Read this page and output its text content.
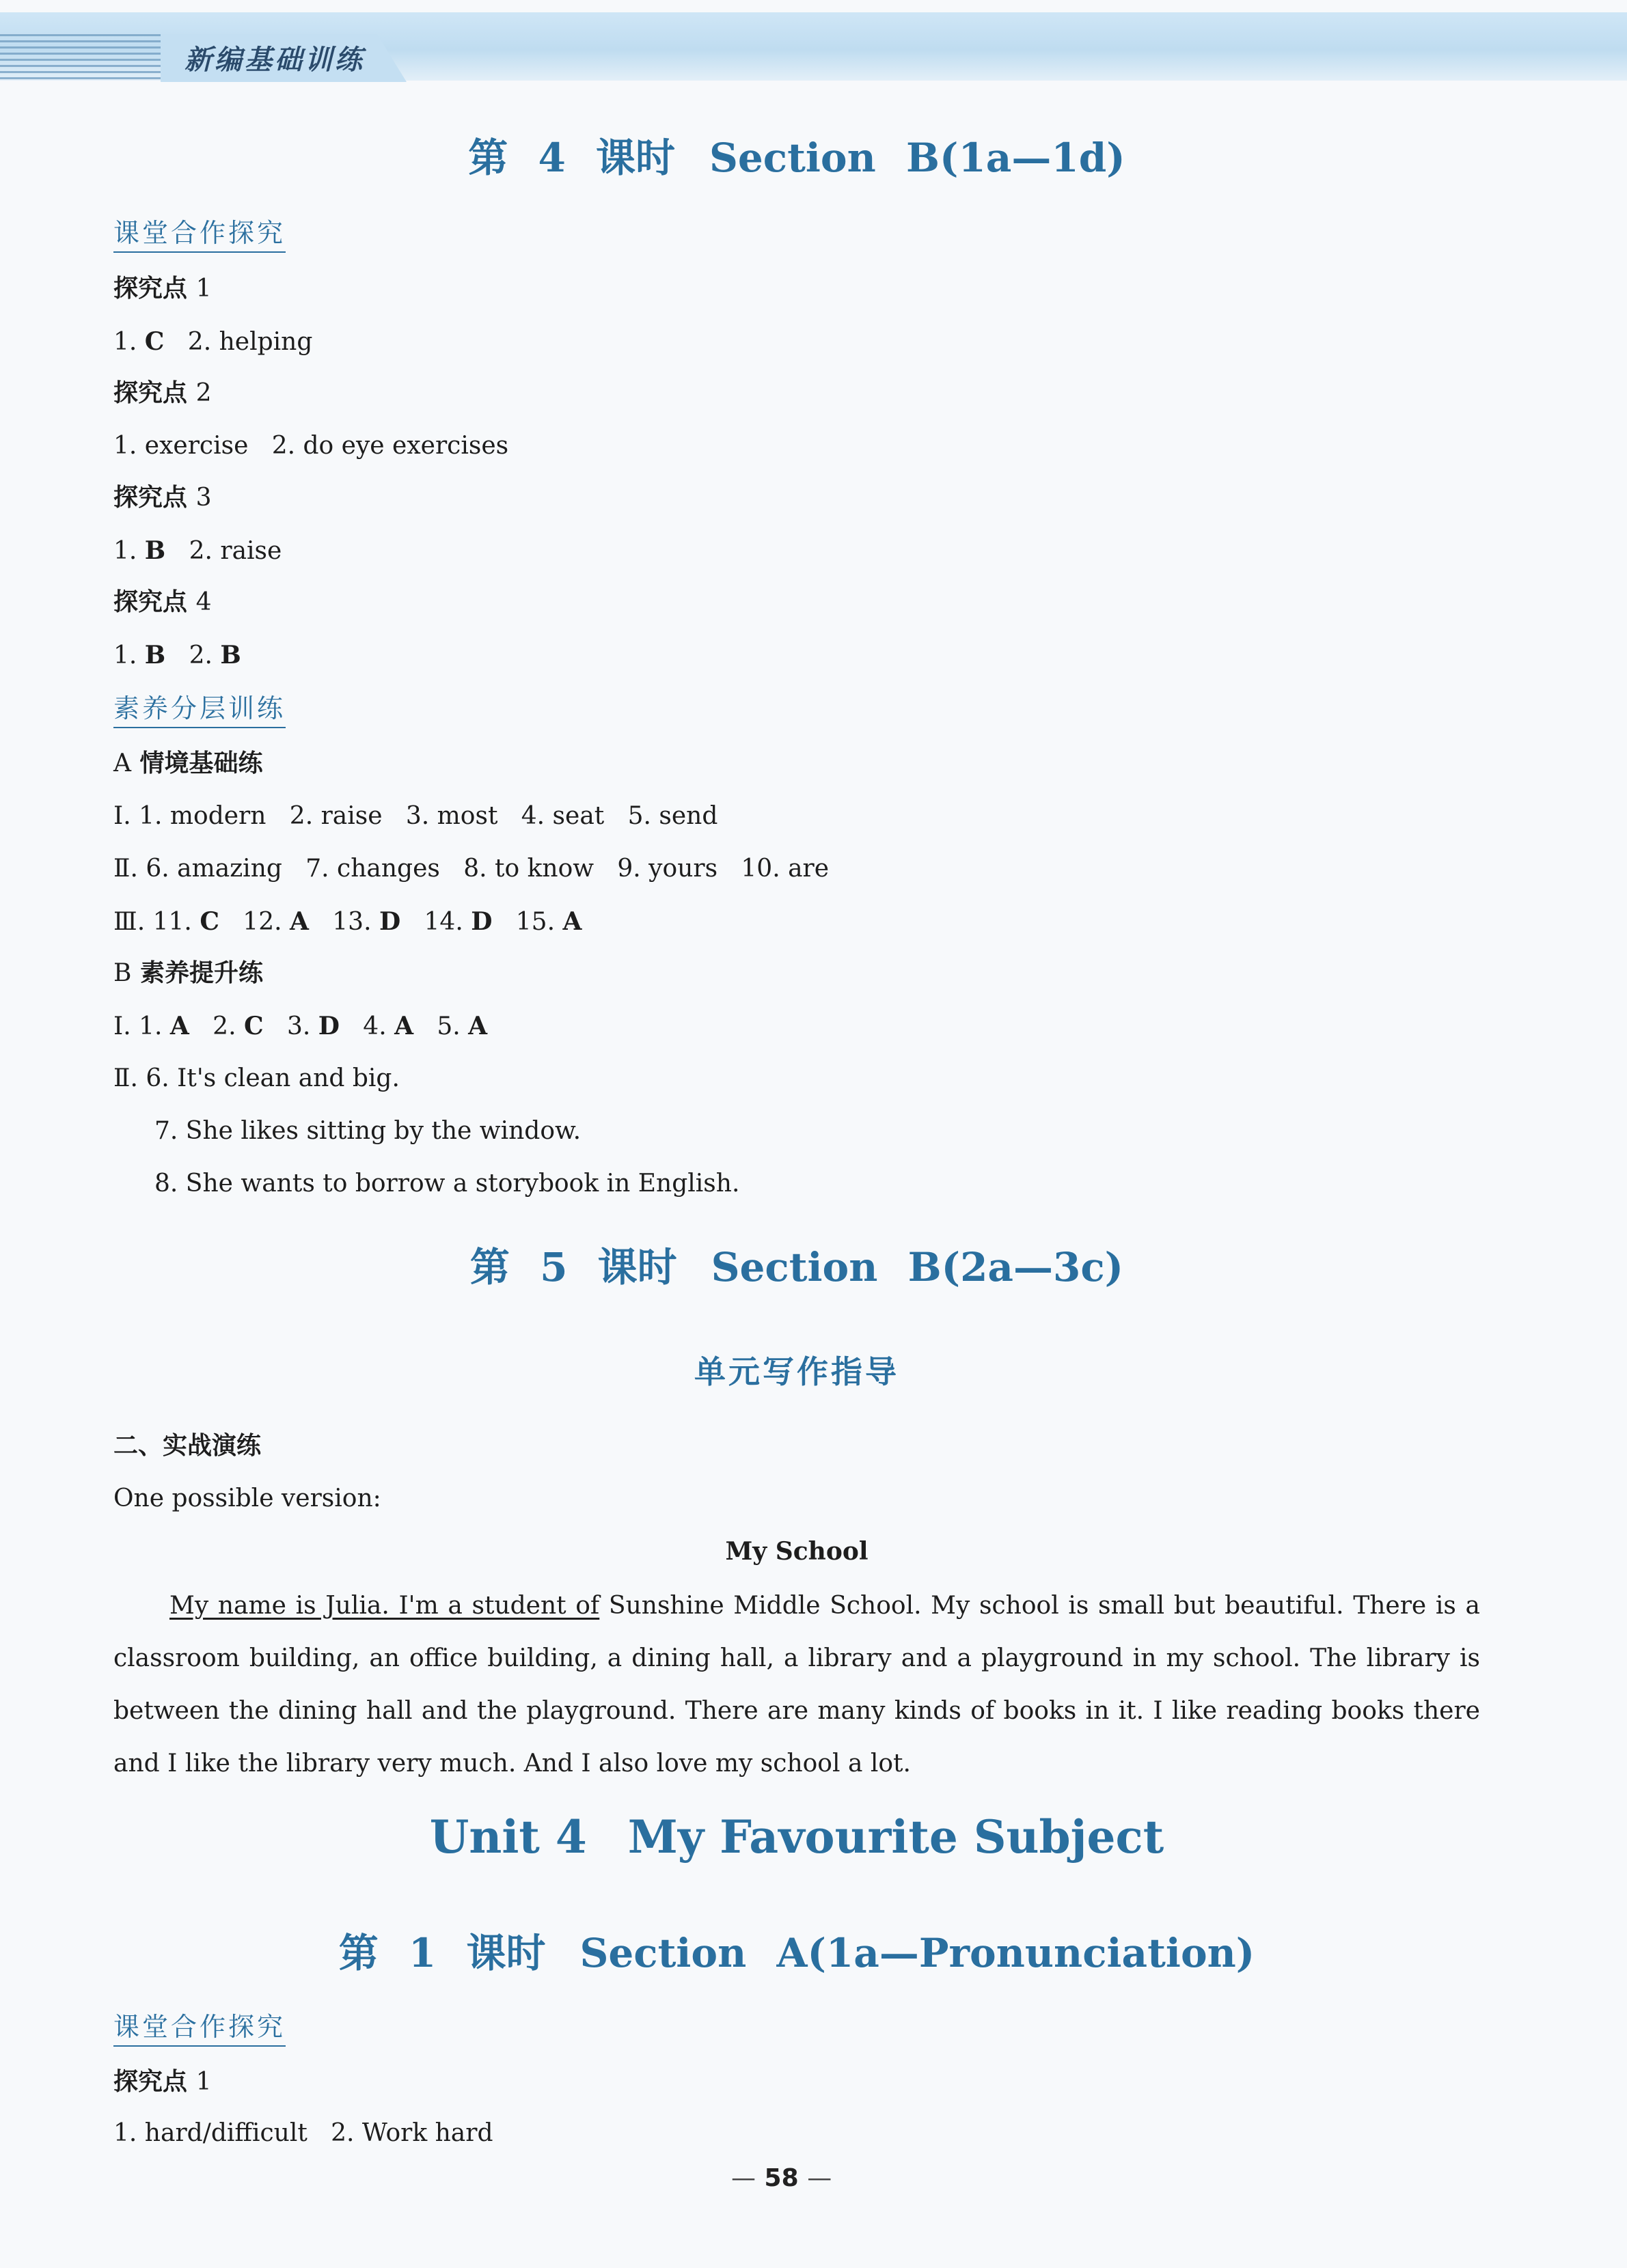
新编基础训练
第 4 课时 Section B(1a—1d)
课堂合作探究
探究点 1
1. C   2. helping
探究点 2
1. exercise   2. do eye exercises
探究点 3
1. B   2. raise
探究点 4
1. B   2. B
素养分层训练
A 情境基础练
Ⅰ. 1. modern   2. raise   3. most   4. seat   5. send
Ⅱ. 6. amazing   7. changes   8. to know   9. yours   10. are
Ⅲ. 11. C   12. A   13. D   14. D   15. A
B 素养提升练
Ⅰ. 1. A   2. C   3. D   4. A   5. A
Ⅱ. 6. It's clean and big.
7. She likes sitting by the window.
8. She wants to borrow a storybook in English.
第 5 课时 Section B(2a—3c)
单元写作指导
二、实战演练
One possible version:
My School
My name is Julia. I'm a student of Sunshine Middle School. My school is small but beautiful. There is a classroom building, an office building, a dining hall, a library and a playground in my school. The library is between the dining hall and the playground. There are many kinds of books in it. I like reading books there and I like the library very much. And I also love my school a lot.
Unit 4 My Favourite Subject
第 1 课时 Section A(1a—Pronunciation)
课堂合作探究
探究点 1
1. hard/difficult   2. Work hard
— 58 —
